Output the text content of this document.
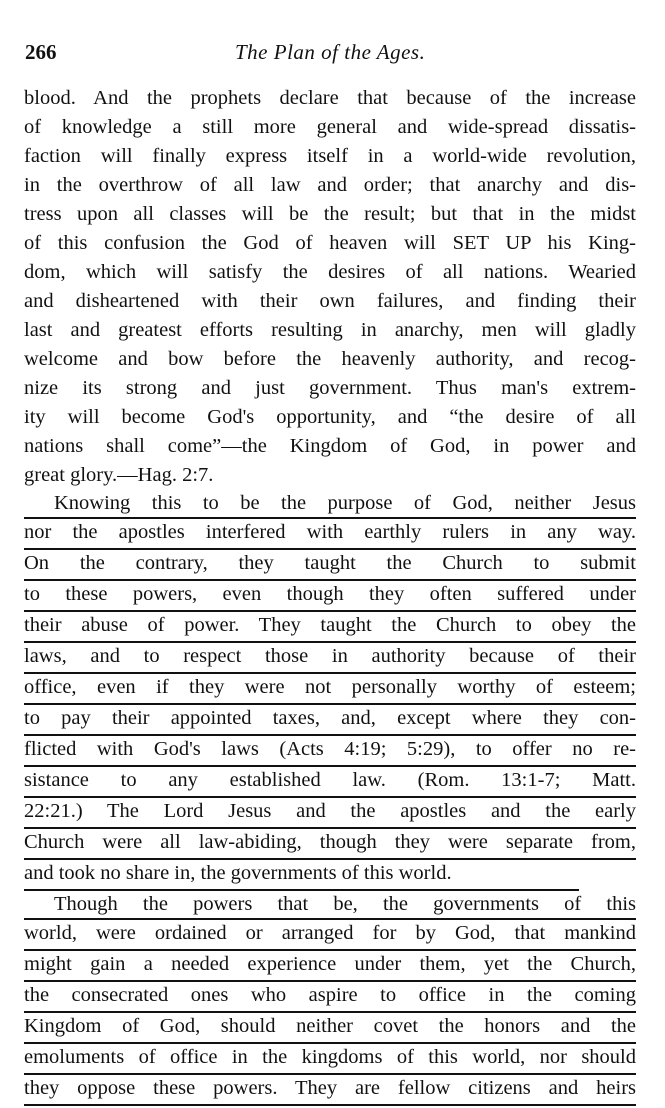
266	The Plan of the Ages.
blood. And the prophets declare that because of the increase
of knowledge a still more general and wide-spread dissatis-
faction will finally express itself in a world-wide revolution,
in the overthrow of all law and order; that anarchy and dis-
tress upon all classes will be the result; but that in the midst
of this confusion the God of heaven will SET UP his King-
dom, which will satisfy the desires of all nations. Wearied
and disheartened with their own failures, and finding their
last and greatest efforts resulting in anarchy, men will gladly
welcome and bow before the heavenly authority, and recog-
nize its strong and just government. Thus man's extrem-
ity will become God's opportunity, and “the desire of all
nations shall come”—the Kingdom of God, in power and
great glory.—Hag. 2:7.
Knowing this to be the purpose of God, neither Jesus
nor the apostles interfered with earthly rulers in any way.
On the contrary, they taught the Church to submit
to these powers, even though they often suffered under
their abuse of power. They taught the Church to obey the
laws, and to respect those in authority because of their
office, even if they were not personally worthy of esteem;
to pay their appointed taxes, and, except where they con-
flicted with God's laws (Acts 4:19; 5:29), to offer no re-
sistance to any established law. (Rom. 13:1-7; Matt.
22:21.) The Lord Jesus and the apostles and the early
Church were all law-abiding, though they were separate from,
and took no share in, the governments of this world.
Though the powers that be, the governments of this
world, were ordained or arranged for by God, that mankind
might gain a needed experience under them, yet the Church,
the consecrated ones who aspire to office in the coming
Kingdom of God, should neither covet the honors and the
emoluments of office in the kingdoms of this world, nor should
they oppose these powers. They are fellow citizens and heirs
